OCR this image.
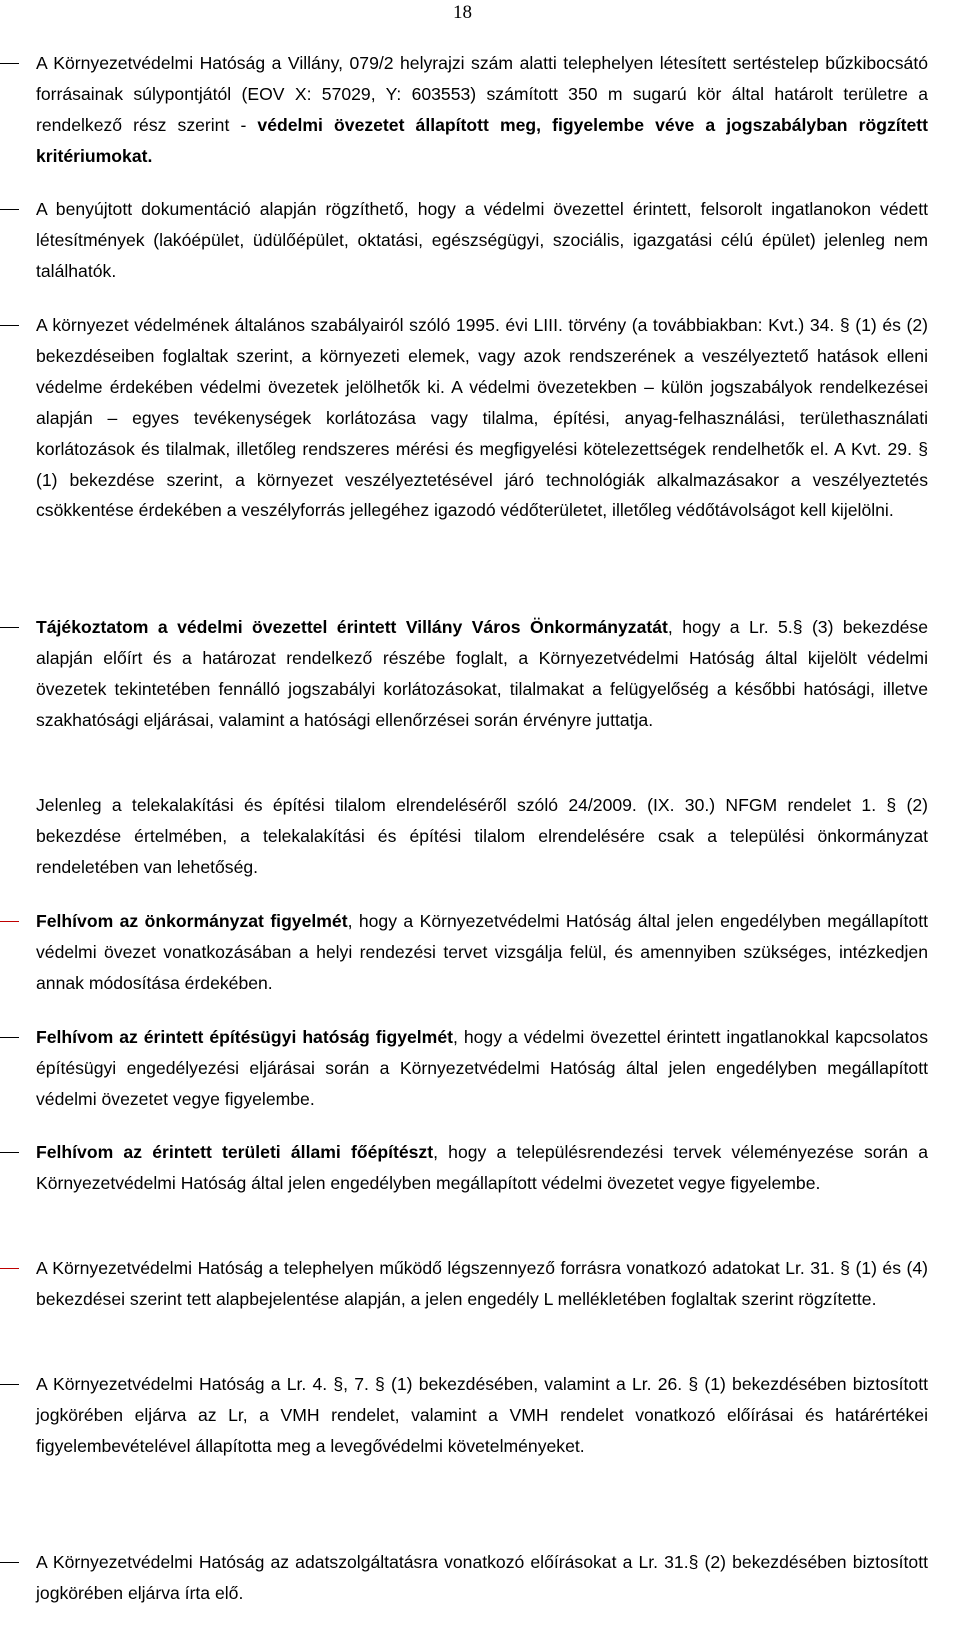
18

A Környezetvédelmi Hatóság a Villány, 079/2 helyrajzi szám alatti telephelyen létesített sertéstelep bűzkibocsátó forrásainak súlypontjától (EOV X: 57029, Y: 603553) számított 350 m sugarú kör által határolt területre a rendelkező rész szerint - védelmi övezetet állapított meg, figyelembe véve a jogszabályban rögzített kritériumokat.

A benyújtott dokumentáció alapján rögzíthető, hogy a védelmi övezettel érintett, felsorolt ingatlanokon védett létesítmények (lakóépület, üdülőépület, oktatási, egészségügyi, szociális, igazgatási célú épület) jelenleg nem találhatók.

A környezet védelmének általános szabályairól szóló 1995. évi LIII. törvény (a továbbiakban: Kvt.) 34. § (1) és (2) bekezdéseiben foglaltak szerint, a környezeti elemek, vagy azok rendszerének a veszélyeztető hatások elleni védelme érdekében védelmi övezetek jelölhetők ki. A védelmi övezetekben – külön jogszabályok rendelkezései alapján – egyes tevékenységek korlátozása vagy tilalma, építési, anyag-felhasználási, területhasználati korlátozások és tilalmak, illetőleg rendszeres mérési és megfigyelési kötelezettségek rendelhetők el. A Kvt. 29. § (1) bekezdése szerint, a környezet veszélyeztetésével járó technológiák alkalmazásakor a veszélyeztetés csökkentése érdekében a veszélyforrás jellegéhez igazodó védőterületet, illetőleg védőtávolságot kell kijelölni.

Tájékoztatom a védelmi övezettel érintett Villány Város Önkormányzatát, hogy a Lr. 5.§ (3) bekezdése alapján előírt és a határozat rendelkező részébe foglalt, a Környezetvédelmi Hatóság által kijelölt védelmi övezetek tekintetében fennálló jogszabályi korlátozásokat, tilalmakat a felügyelőség a későbbi hatósági, illetve szakhatósági eljárásai, valamint a hatósági ellenőrzései során érvényre juttatja.

Jelenleg a telekalakítási és építési tilalom elrendeléséről szóló 24/2009. (IX. 30.) NFGM rendelet 1. § (2) bekezdése értelmében, a telekalakítási és építési tilalom elrendelésére csak a települési önkormányzat rendeletében van lehetőség.

Felhívom az önkormányzat figyelmét, hogy a Környezetvédelmi Hatóság által jelen engedélyben megállapított védelmi övezet vonatkozásában a helyi rendezési tervet vizsgálja felül, és amennyiben szükséges, intézkedjen annak módosítása érdekében.

Felhívom az érintett építésügyi hatóság figyelmét, hogy a védelmi övezettel érintett ingatlanokkal kapcsolatos építésügyi engedélyezési eljárásai során a Környezetvédelmi Hatóság által jelen engedélyben megállapított védelmi övezetet vegye figyelembe.

Felhívom az érintett területi állami főépítészt, hogy a településrendezési tervek véleményezése során a Környezetvédelmi Hatóság által jelen engedélyben megállapított védelmi övezetet vegye figyelembe.

A Környezetvédelmi Hatóság a telephelyen működő légszennyező forrásra vonatkozó adatokat Lr. 31. § (1) és (4) bekezdései szerint tett alapbejelentése alapján, a jelen engedély L mellékletében foglaltak szerint rögzítette.

A Környezetvédelmi Hatóság a Lr. 4. §, 7. § (1) bekezdésében, valamint a Lr. 26. § (1) bekezdésében biztosított jogkörében eljárva az Lr, a VMH rendelet, valamint a VMH rendelet vonatkozó előírásai és határértékei figyelembevételével állapította meg a levegővédelmi követelményeket.

A Környezetvédelmi Hatóság az adatszolgáltatásra vonatkozó előírásokat a Lr. 31.§ (2) bekezdésében biztosított jogkörében eljárva írta elő.
